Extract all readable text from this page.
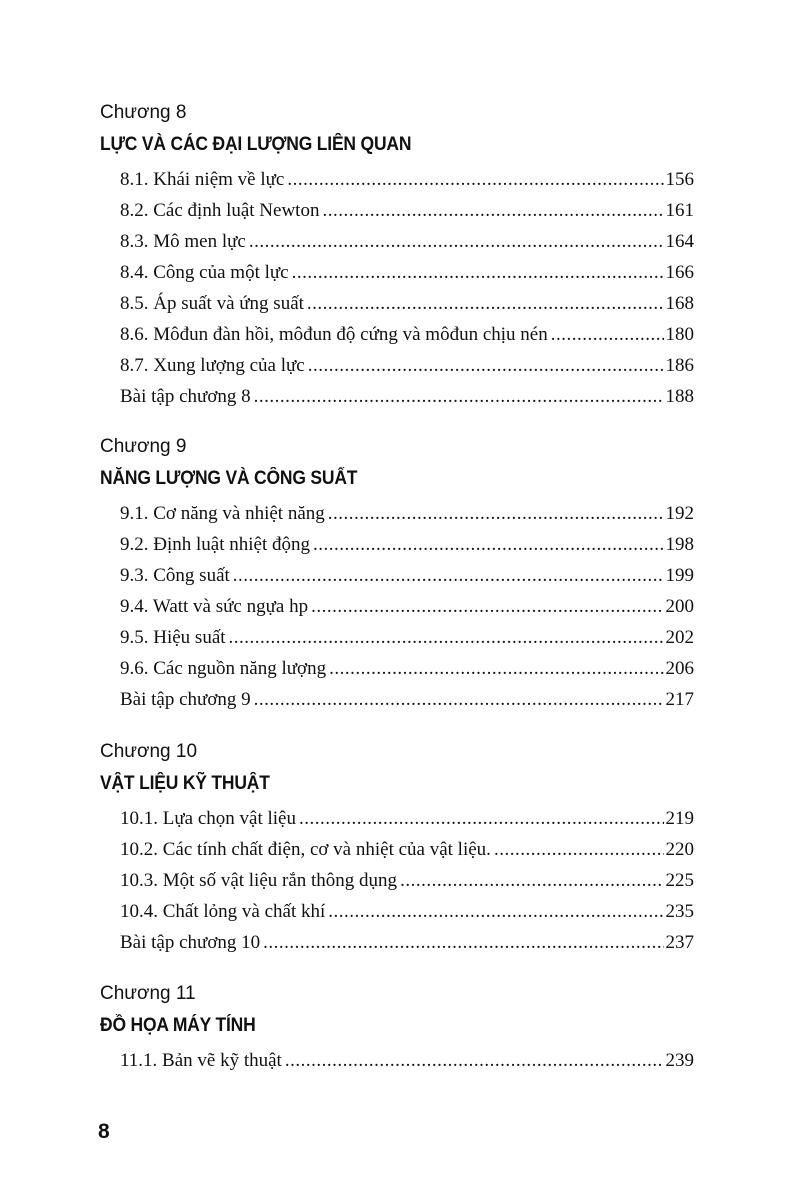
Chương 8
LỰC VÀ CÁC ĐẠI LƯỢNG LIÊN QUAN
8.1. Khái niệm về lực .....	156
8.2. Các định luật Newton .....	161
8.3. Mô men lực .....	164
8.4. Công của một lực .....	166
8.5. Áp suất và ứng suất .....	168
8.6. Môđun đàn hồi, môđun độ cứng và môđun chịu nén .....	180
8.7. Xung lượng của lực .....	186
Bài tập chương 8 .....	188
Chương 9
NĂNG LƯỢNG VÀ CÔNG SUẤT
9.1. Cơ năng và nhiệt năng .....	192
9.2. Định luật nhiệt động .....	198
9.3. Công suất .....	199
9.4. Watt và sức ngựa hp .....	200
9.5. Hiệu suất .....	202
9.6. Các nguồn năng lượng .....	206
Bài tập chương 9 .....	217
Chương 10
VẬT LIỆU KỸ THUẬT
10.1. Lựa chọn vật liệu .....	219
10.2. Các tính chất điện, cơ và nhiệt của vật liệu. .....	220
10.3. Một số vật liệu rắn thông dụng .....	225
10.4. Chất lỏng và chất khí .....	235
Bài tập chương 10 .....	237
Chương 11
ĐỒ HỌA MÁY TÍNH
11.1. Bản vẽ kỹ thuật .....	239
8
